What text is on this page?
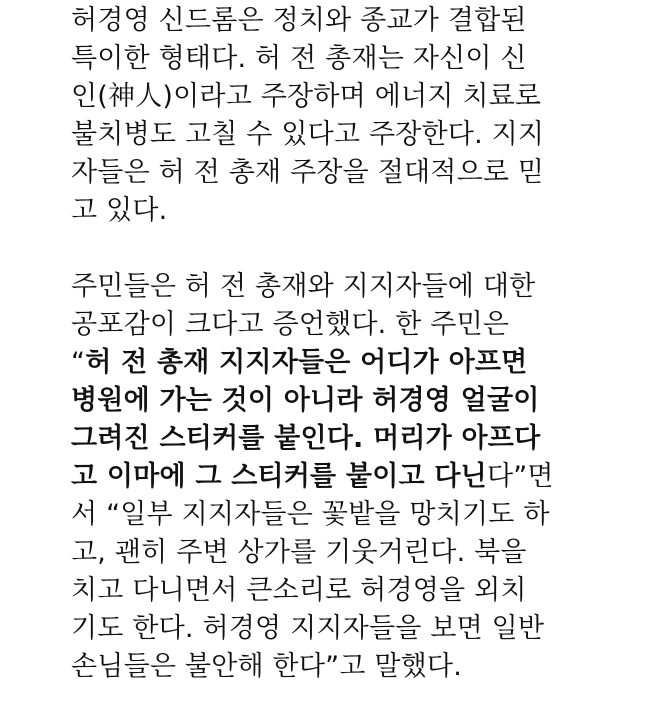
허경영 신드롬은 정치와 종교가 결합된
특이한 형태다. 허 전 총재는 자신이 신
인(神人)이라고 주장하며 에너지 치료로
불치병도 고칠 수 있다고 주장한다. 지지
자들은 허 전 총재 주장을 절대적으로 믿
고 있다.
주민들은 허 전 총재와 지지자들에 대한
공포감이 크다고 증언했다. 한 주민은
“허 전 총재 지지자들은 어디가 아프면
병원에 가는 것이 아니라 허경영 얼굴이
그려진 스티커를 붙인다. 머리가 아프다
고 이마에 그 스티커를 붙이고 다닌다”면
서 “일부 지지자들은 꽃밭을 망치기도 하
고, 괜히 주변 상가를 기웃거린다. 북을
치고 다니면서 큰소리로 허경영을 외치
기도 한다. 허경영 지지자들을 보면 일반
손님들은 불안해 한다”고 말했다.
